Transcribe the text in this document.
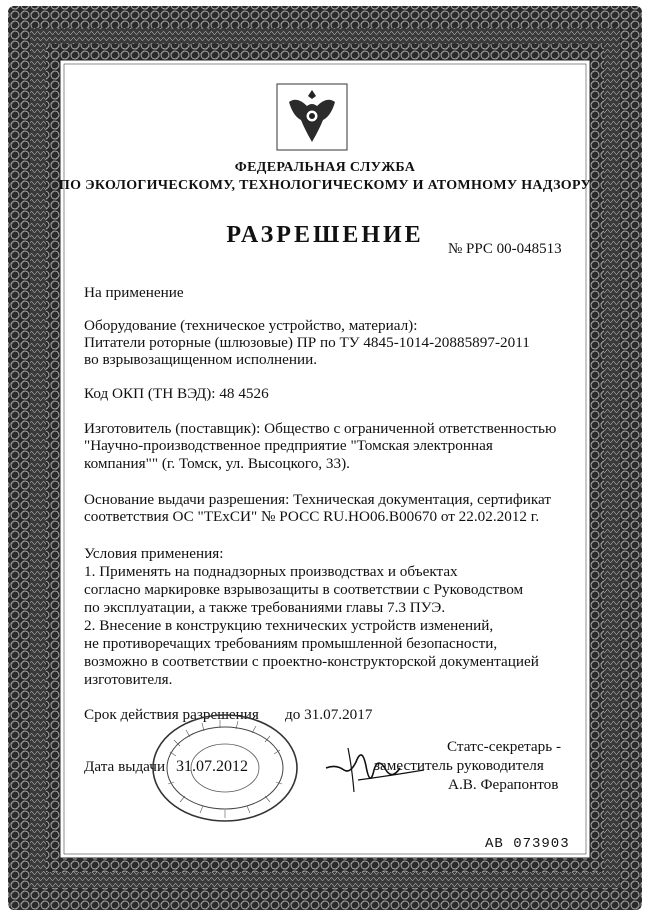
ФЕДЕРАЛЬНАЯ СЛУЖБА
ПО ЭКОЛОГИЧЕСКОМУ, ТЕХНОЛОГИЧЕСКОМУ И АТОМНОМУ НАДЗОРУ
РАЗРЕШЕНИЕ
№ РРС 00-048513
На применение
Оборудование (техническое устройство, материал):
Питатели роторные (шлюзовые) ПР по ТУ 4845-1014-20885897-2011
во взрывозащищенном исполнении.
Код ОКП (ТН ВЭД): 48 4526
Изготовитель (поставщик): Общество с ограниченной ответственностью
"Научно-производственное предприятие "Томская электронная
компания"" (г. Томск, ул. Высоцкого, 33).
Основание выдачи разрешения: Техническая документация, сертификат
соответствия ОС "ТЕхСИ" № РОСС RU.НО06.В00670 от 22.02.2012 г.
Условия применения:
1. Применять на поднадзорных производствах и объектах
согласно маркировке взрывозащиты в соответствии с Руководством
по эксплуатации, а также требованиями главы 7.3 ПУЭ.
2. Внесение в конструкцию технических устройств изменений,
не противоречащих требованиям промышленной безопасности,
возможно в соответствии с проектно-конструкторской документацией
изготовителя.
Срок действия разрешения до 31.07.2017
Дата выдачи 31.07.2012
Статс-секретарь -
заместитель руководителя
А.В. Ферапонтов
АВ 073903
